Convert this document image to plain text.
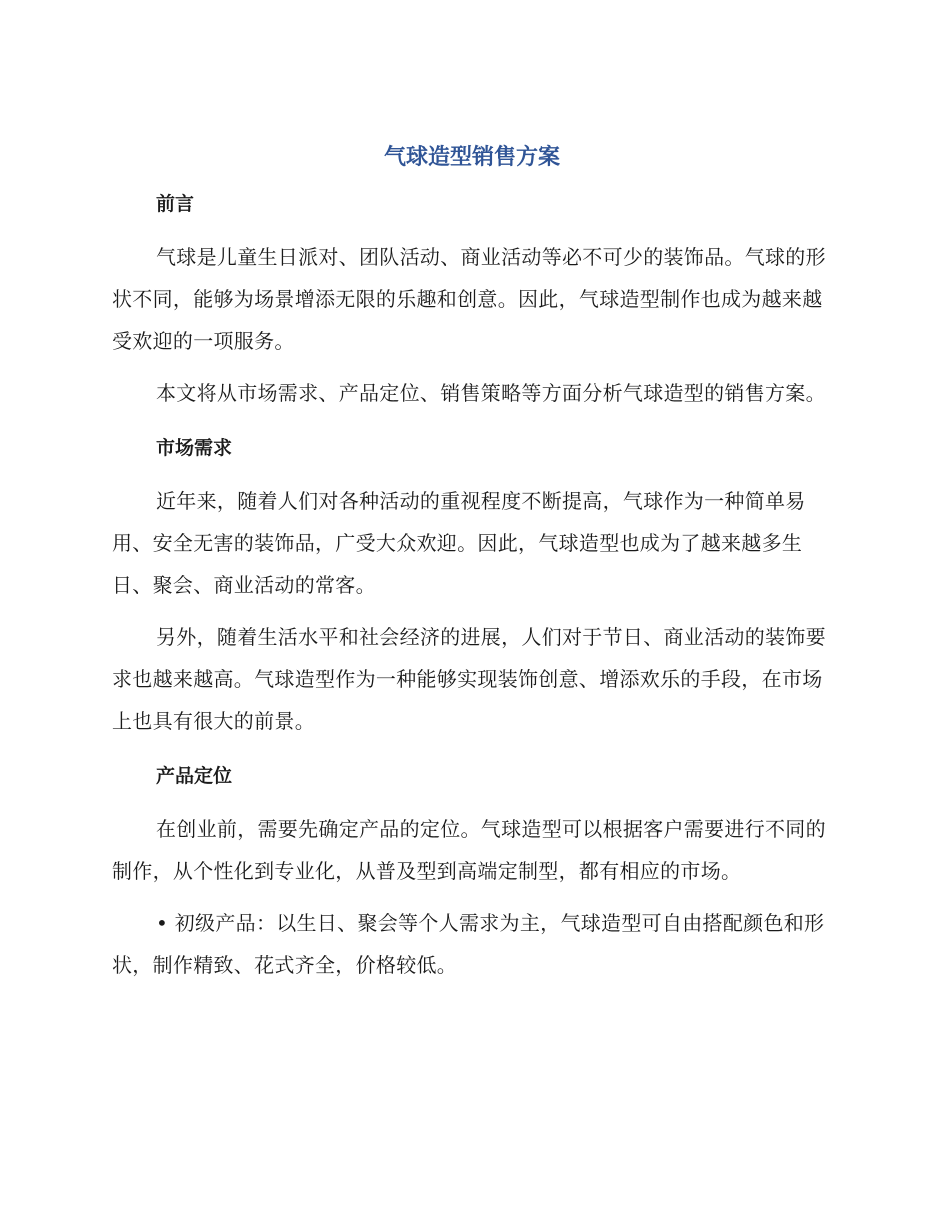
气球造型销售方案
前言

气球是儿童生日派对、团队活动、商业活动等必不可少的装饰品。气球的形状不同，能够为场景增添无限的乐趣和创意。因此，气球造型制作也成为越来越受欢迎的一项服务。

本文将从市场需求、产品定位、销售策略等方面分析气球造型的销售方案。

市场需求

近年来，随着人们对各种活动的重视程度不断提高，气球作为一种简单易用、安全无害的装饰品，广受大众欢迎。因此，气球造型也成为了越来越多生日、聚会、商业活动的常客。

另外，随着生活水平和社会经济的进展，人们对于节日、商业活动的装饰要求也越来越高。气球造型作为一种能够实现装饰创意、增添欢乐的手段，在市场上也具有很大的前景。

产品定位

在创业前，需要先确定产品的定位。气球造型可以根据客户需要进行不同的制作，从个性化到专业化，从普及型到高端定制型，都有相应的市场。

• 初级产品：以生日、聚会等个人需求为主，气球造型可自由搭配颜色和形状，制作精致、花式齐全，价格较低。
